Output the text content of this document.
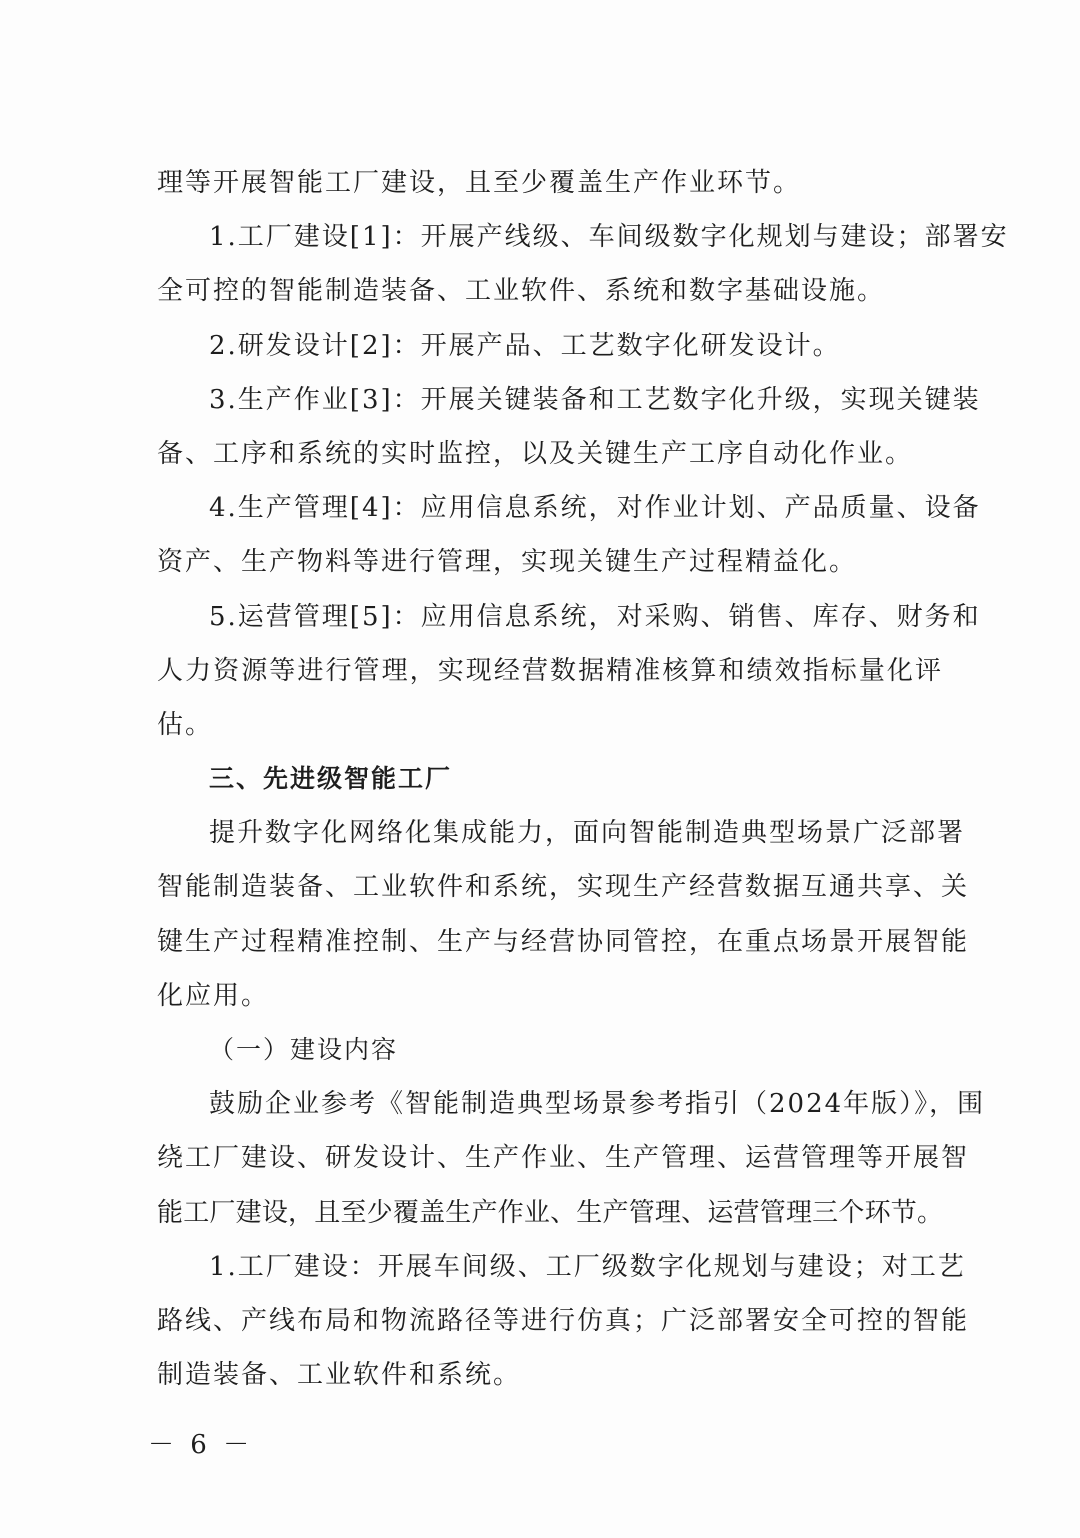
理等开展智能工厂建设，且至少覆盖生产作业环节。
1.工厂建设[1]：开展产线级、车间级数字化规划与建设；部署安
全可控的智能制造装备、工业软件、系统和数字基础设施。
2.研发设计[2]：开展产品、工艺数字化研发设计。
3.生产作业[3]：开展关键装备和工艺数字化升级，实现关键装
备、工序和系统的实时监控，以及关键生产工序自动化作业。
4.生产管理[4]：应用信息系统，对作业计划、产品质量、设备
资产、生产物料等进行管理，实现关键生产过程精益化。
5.运营管理[5]：应用信息系统，对采购、销售、库存、财务和
人力资源等进行管理，实现经营数据精准核算和绩效指标量化评
估。
三、先进级智能工厂
提升数字化网络化集成能力，面向智能制造典型场景广泛部署
智能制造装备、工业软件和系统，实现生产经营数据互通共享、关
键生产过程精准控制、生产与经营协同管控，在重点场景开展智能
化应用。
（一）建设内容
鼓励企业参考《智能制造典型场景参考指引（2024年版）》，围
绕工厂建设、研发设计、生产作业、生产管理、运营管理等开展智
能工厂建设，且至少覆盖生产作业、生产管理、运营管理三个环节。
1.工厂建设：开展车间级、工厂级数字化规划与建设；对工艺
路线、产线布局和物流路径等进行仿真；广泛部署安全可控的智能
制造装备、工业软件和系统。
－ 6 －
